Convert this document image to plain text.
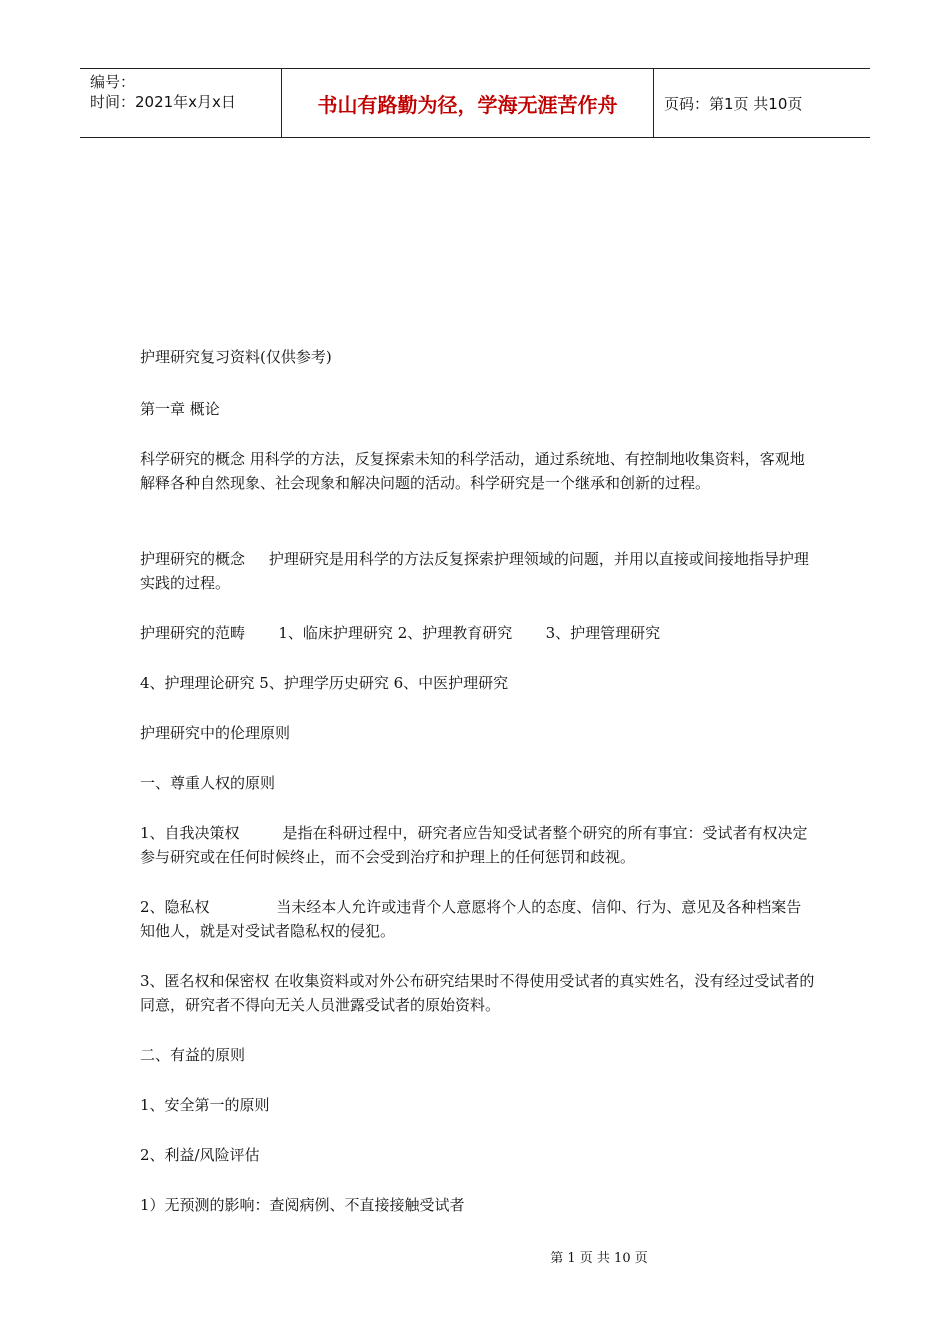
编号：
时间：2021年x月x日	书山有路勤为径，学海无涯苦作舟	页码：第1页 共10页

护理研究复习资料(仅供参考)

第一章 概论

科学研究的概念 用科学的方法，反复探索未知的科学活动，通过系统地、有控制地收集资料，客观地解释各种自然现象、社会现象和解决问题的活动。科学研究是一个继承和创新的过程。

护理研究的概念     护理研究是用科学的方法反复探索护理领域的问题，并用以直接或间接地指导护理实践的过程。

护理研究的范畴       1、临床护理研究 2、护理教育研究       3、护理管理研究

4、护理理论研究 5、护理学历史研究 6、中医护理研究

护理研究中的伦理原则

一、尊重人权的原则

1、自我决策权         是指在科研过程中，研究者应告知受试者整个研究的所有事宜：受试者有权决定参与研究或在任何时候终止，而不会受到治疗和护理上的任何惩罚和歧视。

2、隐私权              当未经本人允许或违背个人意愿将个人的态度、信仰、行为、意见及各种档案告知他人，就是对受试者隐私权的侵犯。

3、匿名权和保密权 在收集资料或对外公布研究结果时不得使用受试者的真实姓名，没有经过受试者的同意，研究者不得向无关人员泄露受试者的原始资料。

二、有益的原则

1、安全第一的原则

2、利益/风险评估

1）无预测的影响：查阅病例、不直接接触受试者

第 1 页 共 10 页
